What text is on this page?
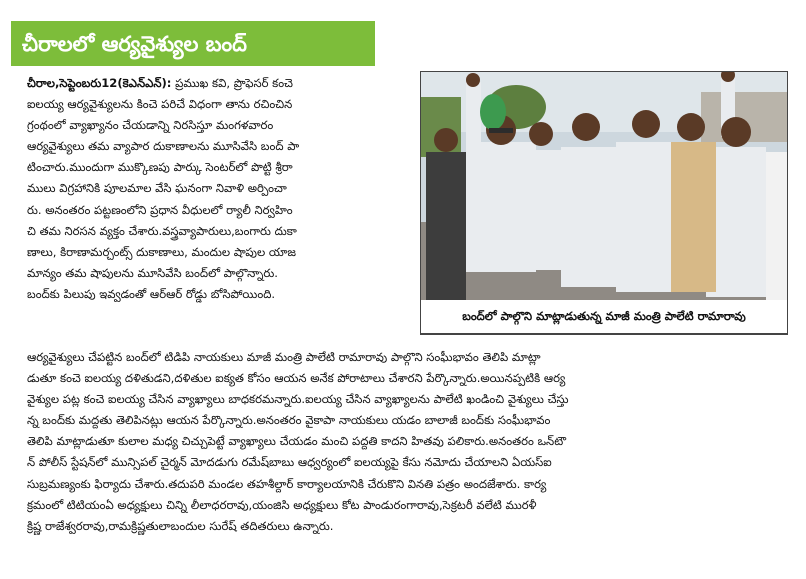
చీరాలలో ఆర్యవైశ్యుల బంద్
బంద్‌లో పాల్గొని మాట్లాడుతున్న మాజీ మంత్రి పాలేటి రామారావు
చీరాల,సెప్టెంబరు12(కెఎన్ఎన్): ప్రముఖ కవి, ప్రొఫెసర్ కంచె
ఐలయ్య ఆర్యవైశ్యులను కించె పరిచే విధంగా తాను రచించిన
గ్రంథంలో వ్యాఖ్యానం చేయడాన్ని నిరసిస్తూ మంగళవారం
ఆర్యవైశ్యులు తమ వ్యాపార దుకాణాలను మూసివేసి బంద్ పా
టించారు.ముందుగా ముక్కొణపు పార్కు సెంటర్‌లో పొట్టి శ్రీరా
ములు విగ్రహానికి పూలమాల వేసి ఘనంగా నివాళి అర్పించా
రు. అనంతరం పట్టణంలోని ప్రధాన వీధులలో ర్యాలీ నిర్వహిం
చి తమ నిరసన వ్యక్తం చేశారు.వస్త్రవ్యాపారులు,బంగారు దుకా
ణాలు, కిరాణామర్చంట్స్ దుకాణాలు, మందుల షాపుల యాజ
మాన్యం తమ షాపులను మూసివేసి బంద్‌లో పాల్గొన్నారు.
బంద్‌కు పిలుపు ఇవ్వడంతో ఆర్ఆర్ రోడ్డు బోసిపోయింది.
ఆర్యవైశ్యులు చేపట్టిన బంద్‌లో టిడిపి నాయకులు మాజీ మంత్రి పాలేటి రామారావు పాల్గొని సంఘీభావం తెలిపి మాట్లా
డుతూ కంచె ఐలయ్య దళితుడని,దళితుల ఐక్యత కోసం ఆయన అనేక పోరాటాలు చేశారని పేర్కొన్నారు.అయినప్పటికి ఆర్య
వైశ్యుల పట్ల కంచె ఐలయ్య చేసిన వ్యాఖ్యాలు బాధకరమన్నారు.ఐలయ్య చేసిన వ్యాఖ్యాలను పాలేటి ఖండించి వైశ్యులు చేస్తు
న్న బంద్‌కు మద్దతు తెలిపినట్లు ఆయన పేర్కొన్నారు.అనంతరం వైకాపా నాయకులు యడం బాలాజీ బంద్‌కు సంఘీభావం
తెలిపి మాట్లాడుతూ కులాల మధ్య చిచ్చుపెట్టే వ్యాఖ్యాలు చేయడం మంచి పద్దతి కాదని హితవు పలికారు.అనంతరం ఒన్‌టౌ
న్ పోలీస్ స్టేషన్‌లో మున్సిపల్ చైర్మన్ మోదడుగు రమేష్‌బాబు ఆధ్వర్యంలో ఐలయ్యపై కేసు నమోదు చేయాలని ఏయస్‌ఐ
సుబ్రమణ్యంకు ఫిర్యాదు చేశారు.తదుపరి మండల తహశీల్దార్ కార్యాలయానికి చేరుకొని వినతి పత్రం అందజేశారు. కార్య
క్రమంలో టిటియంఏ అధ్యక్షులు చిన్ని లీలాధరరావు,యంజిసి అధ్యక్షులు కోట పాండురంగారావు,సెక్రటరీ వలేటి మురళీ
క్రిష్ణ రాజేశ్వరరావు,రామక్రిష్ణతులాబందుల సురేష్ తదితరులు ఉన్నారు.
